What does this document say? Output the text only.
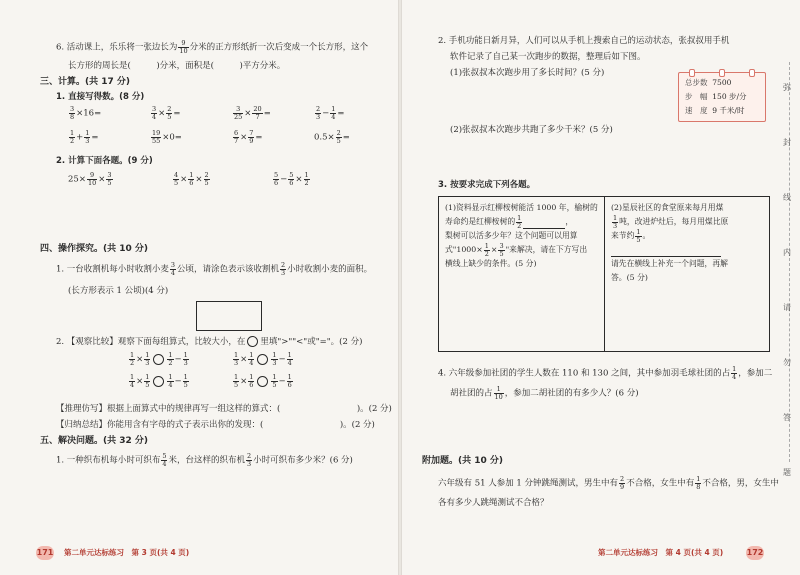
6. 活动课上，乐乐将一张边长为 $\frac{9}{10}$ 分米的正方形纸折一次后变成一个长方形，这个
长方形的周长是(　　　)分米，面积是(　　　)平方分米。
三、计算。(共 17 分)
1. 直接写得数。(8 分)
$\frac{3}{8} \times 16=$	$\frac{3}{4} \times \frac{2}{5}$ =	$\frac{3}{25} \times \frac{20}{7}$ =	$\frac{2}{3} - \frac{1}{4}$ =
$\frac{1}{2} + \frac{1}{3}$ =	$\frac{19}{55} \times 0=$	$\frac{6}{7} \times \frac{7}{9}$ =	$0.5\times \frac{2}{5}$ =
2. 计算下面各题。(9 分)
$25\times \frac{9}{10} \times \frac{3}{5}$	$\frac{4}{5} \times \frac{1}{6} \times \frac{2}{5}$	$\frac{5}{6} - \frac{5}{6} \times \frac{1}{2}$
四、操作探究。(共 10 分)
1. 一台收割机每小时收割小麦 $\frac{3}{4}$ 公顷，请涂色表示该收割机 $\frac{2}{3}$ 小时收割小麦的面积。
(长方形表示 1 公顷)(4 分)
2. 【观察比较】观察下面每组算式，比较大小，在 里填">""<"或"="。(2 分)
$\frac{1}{2} \times \frac{1}{3}$	$\frac{1}{2} - \frac{1}{3}$	$\frac{1}{3} \times \frac{1}{4}$	$\frac{1}{3} - \frac{1}{4}$
$\frac{1}{4} \times \frac{1}{5}$	$\frac{1}{4} - \frac{1}{5}$	$\frac{1}{5} \times \frac{1}{6}$	$\frac{1}{5} - \frac{1}{6}$
【推理仿写】根据上面算式中的规律再写一组这样的算式：(　　　　　　　　　)。(2 分)
【归纳总结】你能用含有字母的式子表示出你的发现：(　　　　　　　　　)。(2 分)
五、解决问题。(共 32 分)
1. 一种织布机每小时可织布 $\frac{5}{4}$ 米，台这样的织布机 $\frac{2}{3}$ 小时可织布多少米？(6 分)
171 第二单元达标练习　第 3 页(共 4 页)
2. 手机功能日新月异，人们可以从手机上搜索自己的运动状态，张叔叔用手机
软件记录了自己某一次跑步的数据，整理后如下图。
(1)张叔叔本次跑步用了多长时间？(5 分)
(2)张叔叔本次跑步共跑了多少千米？(5 分)
总步数 7500
步　幅 150 步/分
速　度 9 千米/时
3. 按要求完成下列各题。
(1)资料显示红柳桉树能活 1000 年，榆树的
寿命约是红柳桉树的 $\frac{1}{2}$	，
梨树可以活多少年？这个问题可以用算
式"$1000\times \frac{1}{2} \times \frac{3}{5}$ "来解决，请在下方写出
横线上缺少的条件。(5 分)
(2)星辰社区的食堂原来每月用煤
$\frac{1}{3}$ 吨，改进炉灶后，每月用煤比原
来节约 $\frac{1}{5}$ 。
请先在横线上补充一个问题，再解
答。(5 分)
4. 六年级参加社团的学生人数在 110 和 130 之间，其中参加羽毛球社团的占 $\frac{1}{4}$ ，参加二
胡社团的占 $\frac{1}{10}$ ，参加二胡社团的有多少人？(6 分)
附加题。(共 10 分)
六年级有 51 人参加 1 分钟跳绳测试，男生中有 $\frac{2}{9}$ 不合格，女生中有 $\frac{1}{8}$ 不合格，男，女生中
各有多少人跳绳测试不合格？
第二单元达标练习　第 4 页(共 4 页)	172
弥
封
线
内
请
勿
答
题
